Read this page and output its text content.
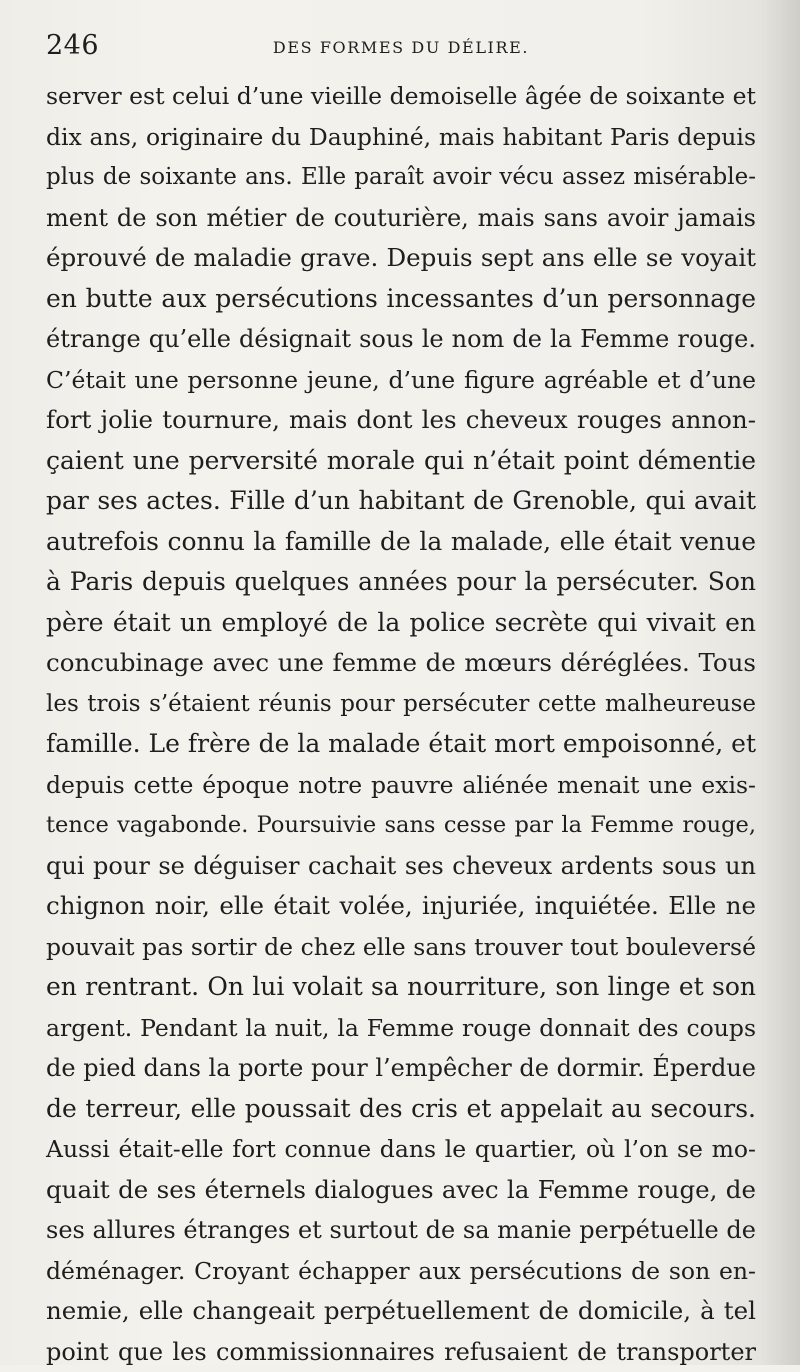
246	DES FORMES DU DÉLIRE.
server est celui d’une vieille demoiselle âgée de soixante et
dix ans, originaire du Dauphiné, mais habitant Paris depuis
plus de soixante ans. Elle paraît avoir vécu assez misérable-
ment de son métier de couturière, mais sans avoir jamais
éprouvé de maladie grave. Depuis sept ans elle se voyait
en butte aux persécutions incessantes d’un personnage
étrange qu’elle désignait sous le nom de la Femme rouge.
C’était une personne jeune, d’une figure agréable et d’une
fort jolie tournure, mais dont les cheveux rouges annon-
çaient une perversité morale qui n’était point démentie
par ses actes. Fille d’un habitant de Grenoble, qui avait
autrefois connu la famille de la malade, elle était venue
à Paris depuis quelques années pour la persécuter. Son
père était un employé de la police secrète qui vivait en
concubinage avec une femme de mœurs déréglées. Tous
les trois s’étaient réunis pour persécuter cette malheureuse
famille. Le frère de la malade était mort empoisonné, et
depuis cette époque notre pauvre aliénée menait une exis-
tence vagabonde. Poursuivie sans cesse par la Femme rouge,
qui pour se déguiser cachait ses cheveux ardents sous un
chignon noir, elle était volée, injuriée, inquiétée. Elle ne
pouvait pas sortir de chez elle sans trouver tout bouleversé
en rentrant. On lui volait sa nourriture, son linge et son
argent. Pendant la nuit, la Femme rouge donnait des coups
de pied dans la porte pour l’empêcher de dormir. Éperdue
de terreur, elle poussait des cris et appelait au secours.
Aussi était-elle fort connue dans le quartier, où l’on se mo-
quait de ses éternels dialogues avec la Femme rouge, de
ses allures étranges et surtout de sa manie perpétuelle de
déménager. Croyant échapper aux persécutions de son en-
nemie, elle changeait perpétuellement de domicile, à tel
point que les commissionnaires refusaient de transporter
